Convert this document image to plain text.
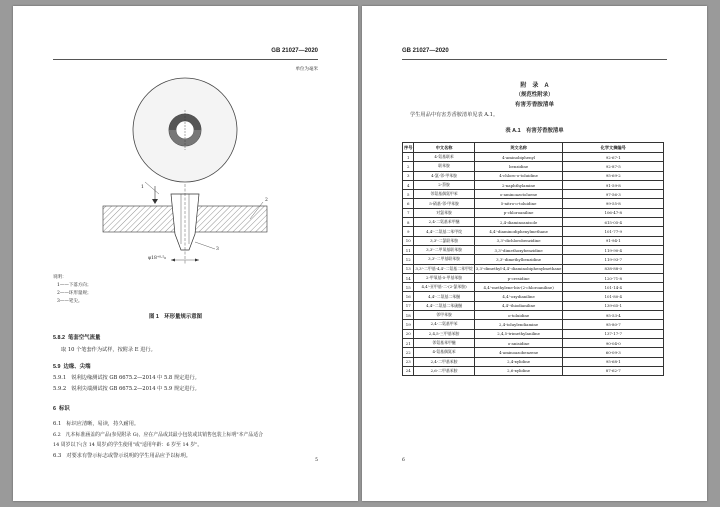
GB 21027—2020
单位为毫米
1
2
3
φ18⁺⁰·⁵₀
说明：
1——下落方向；
2——环形量规；
3——笔尖。
图 1　环形量规示意图
5.8.2 笔套空气流量
取 10 个笔套作为试样，按附录 E 进行。
5.9 边缘、尖端
5.9.1　锐利边缘测试按 GB 6675.2—2014 中 5.8 规定进行。
5.9.2　锐利尖端测试按 GB 6675.2—2014 中 5.9 规定进行。
6 标识
6.1　标识应清晰，易读，持久耐用。
6.2　凡本标准涵盖的产品(参见附录 G)，应在产品或其最小包装或其销售包装上标明"本产品适合
14 周岁以下(含 14 周岁)的学生使用"或"适用年龄：6 岁至 14 岁"。
6.3　对要求有警示标志或警示说明的学生用品应予以标明。
5
GB 21027—2020
附　录　A
（规范性附录）
有害芳香胺清单
学生用品中有害芳香胺清单见表 A.1。
表 A.1　有害芳香胺清单
序号	中文名称	英文名称	化学文摘编号
1	4-氨基联苯	4-aminobiphenyl	92-67-1
2	联苯胺	benzidine	92-87-5
3	4-氯-邻-甲苯胺	4-chloro-o-toluidine	95-69-2
4	2-萘胺	2-naphthylamine	91-59-8
5	邻氨基偶氮甲苯	o-aminoazotoluene	97-56-3
6	5-硝基-邻-甲苯胺	5-nitro-o-toluidine	99-55-8
7	对氯苯胺	p-chloroaniline	106-47-8
8	2,4-二氨基苯甲醚	2,4-diaminoanisole	615-05-4
9	4,4'-二氨基二苯甲烷	4,4'-diaminodiphenylmethane	101-77-9
10	3,3'-二氯联苯胺	3,3'-dichlorobenzidine	91-94-1
11	3,3'-二甲氧基联苯胺	3,3'-dimethoxybenzidine	119-90-4
12	3,3'-二甲基联苯胺	3,3'-dimethylbenzidine	119-93-7
13	3,3'-二甲基-4,4'-二氨基二苯甲烷	3,3'-dimethyl-4,4'-diaminobiphenylmethane	838-88-0
14	2-甲氧基-5-甲基苯胺	p-cresidine	120-71-8
15	4,4'-亚甲基-二-(2-氯苯胺)	4,4'-methylene-bis-(2-chloroaniline)	101-14-4
16	4,4'-二氨基二苯醚	4,4'-oxydianiline	101-80-4
17	4,4'-二氨基二苯硫醚	4,4'-thiodianiline	139-65-1
18	邻甲苯胺	o-toluidine	95-53-4
19	2,4-二氨基甲苯	2,4-toluylendiamine	95-80-7
20	2,4,5-三甲基苯胺	2,4,5-trimethylaniline	137-17-7
21	邻氨基苯甲醚	o-anisidine	90-04-0
22	4-氨基偶氮苯	4-aminoazobenzene	60-09-3
23	2,4-二甲基苯胺	2,4-xylidine	95-68-1
24	2,6-二甲基苯胺	2,6-xylidine	87-62-7
6
